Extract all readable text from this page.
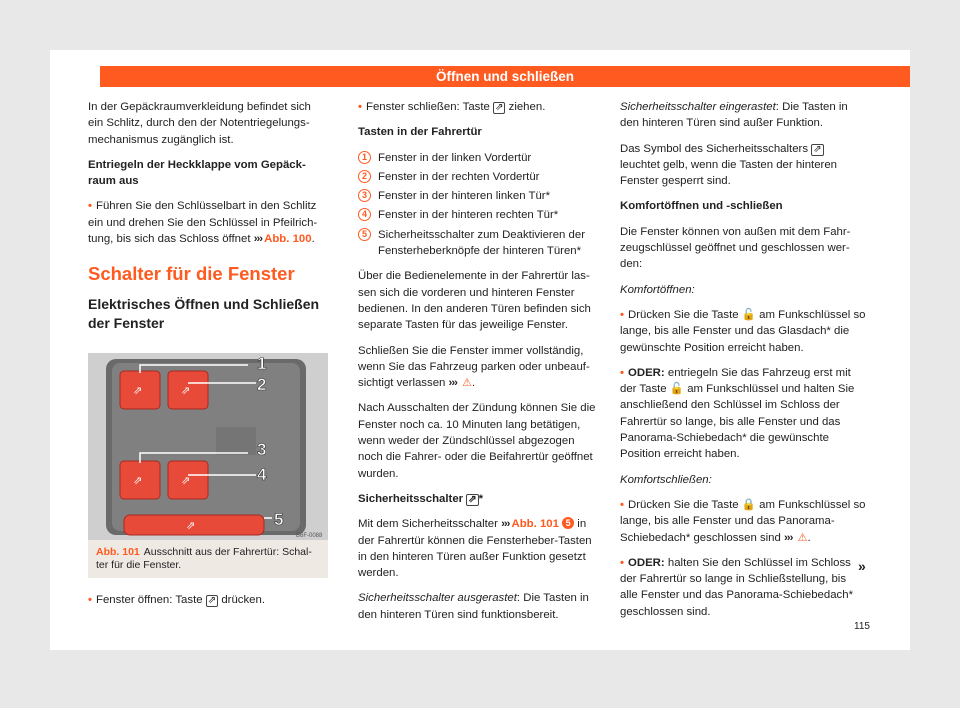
Öffnen und schließen

In der Gepäckraumverkleidung befindet sich ein Schlitz, durch den der Notentriegelungsmechanismus zugänglich ist.

Entriegeln der Heckklappe vom Gepäckraum aus

• Führen Sie den Schlüsselbart in den Schlitz ein und drehen Sie den Schlüssel in Pfeilrichtung, bis sich das Schloss öffnet ››› Abb. 100.

Schalter für die Fenster
Elektrisches Öffnen und Schließen der Fenster
⇗	⇗
⇗	⇗
⇗
1
2
3
4
5
B6F-0088
Abb. 101 Ausschnitt aus der Fahrertür: Schalter für die Fenster.

• Fenster öffnen: Taste ⇗ drücken.

• Fenster schließen: Taste ⇗ ziehen.

Tasten in der Fahrertür

1 Fenster in der linken Vordertür
2 Fenster in der rechten Vordertür
3 Fenster in der hinteren linken Tür*
4 Fenster in der hinteren rechten Tür*
5 Sicherheitsschalter zum Deaktivieren der Fensterheberknöpfe der hinteren Türen*

Über die Bedienelemente in der Fahrertür lassen sich die vorderen und hinteren Fenster bedienen. In den anderen Türen befinden sich separate Tasten für das jeweilige Fenster.

Schließen Sie die Fenster immer vollständig, wenn Sie das Fahrzeug parken oder unbeaufsichtigt verlassen ››› ⚠.

Nach Ausschalten der Zündung können Sie die Fenster noch ca. 10 Minuten lang betätigen, wenn weder der Zündschlüssel abgezogen noch die Fahrer- oder die Beifahrertür geöffnet wurden.

Sicherheitsschalter ⇗ *

Mit dem Sicherheitsschalter ››› Abb. 101 5 in der Fahrertür können die Fensterheber-Tasten in den hinteren Türen außer Funktion gesetzt werden.

Sicherheitsschalter ausgerastet: Die Tasten in den hinteren Türen sind funktionsbereit.

Sicherheitsschalter eingerastet: Die Tasten in den hinteren Türen sind außer Funktion.

Das Symbol des Sicherheitsschalters ⇗ leuchtet gelb, wenn die Tasten der hinteren Fenster gesperrt sind.

Komfortöffnen und -schließen

Die Fenster können von außen mit dem Fahrzeugschlüssel geöffnet und geschlossen werden:

Komfortöffnen:

• Drücken Sie die Taste 🔓 am Funkschlüssel so lange, bis alle Fenster und das Glasdach* die gewünschte Position erreicht haben.

• ODER: entriegeln Sie das Fahrzeug erst mit der Taste 🔓 am Funkschlüssel und halten Sie anschließend den Schlüssel im Schloss der Fahrertür so lange, bis alle Fenster und das Panorama-Schiebedach* die gewünschte Position erreicht haben.

Komfortschließen:

• Drücken Sie die Taste 🔒 am Funkschlüssel so lange, bis alle Fenster und das Panorama-Schiebedach* geschlossen sind ››› ⚠.

• ODER: halten Sie den Schlüssel im Schloss der Fahrertür so lange in Schließstellung, bis alle Fenster und das Panorama-Schiebedach* geschlossen sind.

»
115
